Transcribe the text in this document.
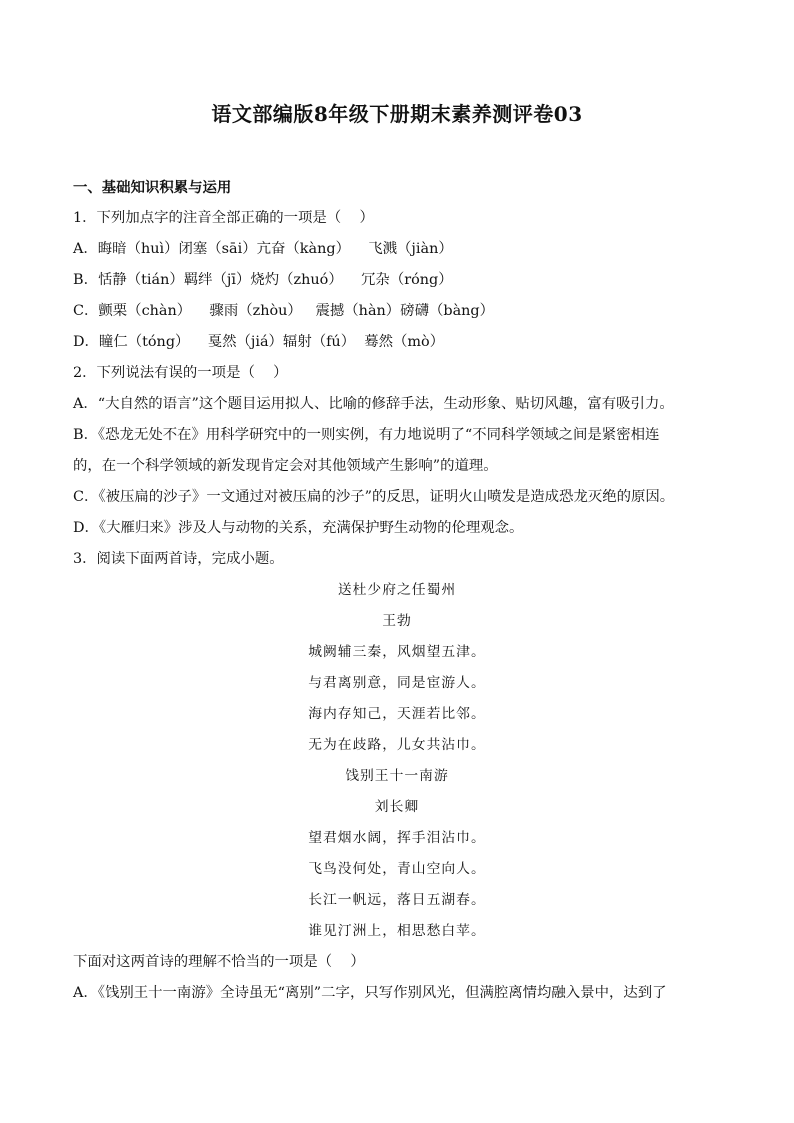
语文部编版8年级下册期末素养测评卷03
一、基础知识积累与运用
1．下列加点字的注音全部正确的一项是（    ）
A．晦暗（huì）闭塞（sāi）亢奋（kàng）    飞溅（jiàn）
B．恬静（tián）羁绊（jī）烧灼（zhuó）    冗杂（róng）
C．颤栗（chàn）    骤雨（zhòu）   震撼（hàn）磅礴（bàng）
D．瞳仁（tóng）    戛然（jiá）辐射（fú）  蓦然（mò）
2．下列说法有误的一项是（    ）
A．“大自然的语言”这个题目运用拟人、比喻的修辞手法，生动形象、贴切风趣，富有吸引力。
B．《恐龙无处不在》用科学研究中的一则实例，有力地说明了“不同科学领域之间是紧密相连
的，在一个科学领域的新发现肯定会对其他领域产生影响”的道理。
C．《被压扁的沙子》一文通过对被压扁的沙子”的反思，证明火山喷发是造成恐龙灭绝的原因。
D．《大雁归来》涉及人与动物的关系，充满保护野生动物的伦理观念。
3．阅读下面两首诗，完成小题。
送杜少府之任蜀州
王勃
城阙辅三秦，风烟望五津。
与君离别意，同是宦游人。
海内存知己，天涯若比邻。
无为在歧路，儿女共沾巾。
饯别王十一南游
刘长卿
望君烟水阔，挥手泪沾巾。
飞鸟没何处，青山空向人。
长江一帆远，落日五湖春。
谁见汀洲上，相思愁白苹。
下面对这两首诗的理解不恰当的一项是（    ）
A．《饯别王十一南游》全诗虽无“离别”二字，只写作别风光，但满腔离情均融入景中，达到了
